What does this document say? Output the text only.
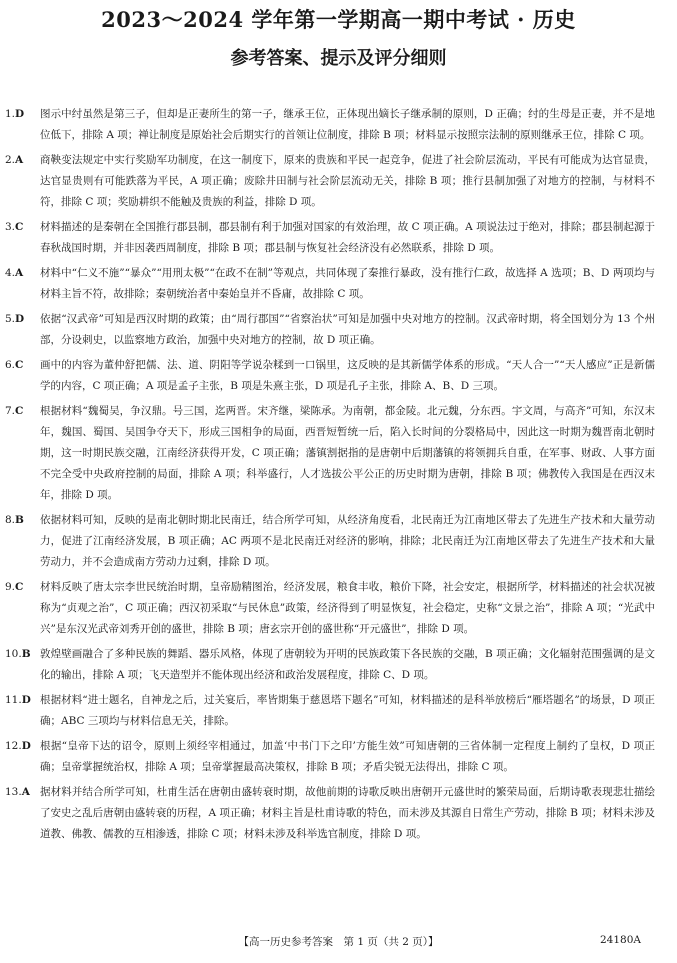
2023～2024 学年第一学期高一期中考试 · 历史
参考答案、提示及评分细则
1.D 图示中纣虽然是第三子，但却是正妻所生的第一子，继承王位，正体现出嫡长子继承制的原则，D 正确；纣的生母是正妻，并不是地位低下，排除 A 项；禅让制度是原始社会后期实行的首领让位制度，排除 B 项；材料显示按照宗法制的原则继承王位，排除 C 项。
2.A 商鞅变法规定中实行奖励军功制度，在这一制度下，原来的贵族和平民一起竞争，促进了社会阶层流动，平民有可能成为达官显贵，达官显贵则有可能跌落为平民，A 项正确；废除井田制与社会阶层流动无关，排除 B 项；推行县制加强了对地方的控制，与材料不符，排除 C 项；奖励耕织不能触及贵族的利益，排除 D 项。
3.C 材料描述的是秦朝在全国推行郡县制，郡县制有利于加强对国家的有效治理，故 C 项正确。A 项说法过于绝对，排除；郡县制起源于春秋战国时期，并非因袭西周制度，排除 B 项；郡县制与恢复社会经济没有必然联系，排除 D 项。
4.A 材料中“仁义不施”“暴众”“用刑太极”“在政不在制”等观点，共同体现了秦推行暴政，没有推行仁政，故选择 A 选项；B、D 两项均与材料主旨不符，故排除；秦朝统治者中秦始皇并不昏庸，故排除 C 项。
5.D 依据“汉武帝”可知是西汉时期的政策；由“周行郡国”“省察治状”可知是加强中央对地方的控制。汉武帝时期，将全国划分为 13 个州部，分设刺史，以监察地方政治，加强中央对地方的控制，故 D 项正确。
6.C 画中的内容为董仲舒把儒、法、道、阴阳等学说杂糅到一口锅里，这反映的是其新儒学体系的形成。“天人合一”“天人感应”正是新儒学的内容，C 项正确；A 项是孟子主张，B 项是朱熹主张，D 项是孔子主张，排除 A、B、D 三项。
7.C 根据材料“魏蜀吴，争汉鼎。号三国，迄两晋。宋齐继，梁陈承。为南朝，都金陵。北元魏，分东西。宇文周，与高齐”可知，东汉末年，魏国、蜀国、吴国争夺天下，形成三国相争的局面，西晋短暂统一后，陷入长时间的分裂格局中，因此这一时期为魏晋南北朝时期，这一时期民族交融，江南经济获得开发，C 项正确；藩镇割据指的是唐朝中后期藩镇的将领拥兵自重，在军事、财政、人事方面不完全受中央政府控制的局面，排除 A 项；科举盛行，人才选拔公平公正的历史时期为唐朝，排除 B 项；佛教传入我国是在西汉末年，排除 D 项。
8.B 依据材料可知，反映的是南北朝时期北民南迁，结合所学可知，从经济角度看，北民南迁为江南地区带去了先进生产技术和大量劳动力，促进了江南经济发展，B 项正确；AC 两项不是北民南迁对经济的影响，排除；北民南迁为江南地区带去了先进生产技术和大量劳动力，并不会造成南方劳动力过剩，排除 D 项。
9.C 材料反映了唐太宗李世民统治时期，皇帝励精图治，经济发展，粮食丰收，粮价下降，社会安定，根据所学，材料描述的社会状况被称为“贞观之治”，C 项正确；西汉初采取“与民休息”政策，经济得到了明显恢复，社会稳定，史称“文景之治”，排除 A 项；“光武中兴”是东汉光武帝刘秀开创的盛世，排除 B 项；唐玄宗开创的盛世称“开元盛世”，排除 D 项。
10.B 敦煌壁画融合了多种民族的舞蹈、器乐风格，体现了唐朝较为开明的民族政策下各民族的交融，B 项正确；文化辐射范围强调的是文化的输出，排除 A 项；飞天造型并不能体现出经济和政治发展程度，排除 C、D 项。
11.D 根据材料“进士题名，自神龙之后，过关宴后，率皆期集于慈恩塔下题名”可知，材料描述的是科举放榜后“雁塔题名”的场景，D 项正确；ABC 三项均与材料信息无关，排除。
12.D 根据“皇帝下达的诏令，原则上须经宰相通过，加盖‘中书门下之印’方能生效”可知唐朝的三省体制一定程度上制约了皇权，D 项正确；皇帝掌握统治权，排除 A 项；皇帝掌握最高决策权，排除 B 项；矛盾尖锐无法得出，排除 C 项。
13.A 据材料并结合所学可知，杜甫生活在唐朝由盛转衰时期，故他前期的诗歌反映出唐朝开元盛世时的繁荣局面，后期诗歌表现悲壮描绘了安史之乱后唐朝由盛转衰的历程，A 项正确；材料主旨是杜甫诗歌的特色，而未涉及其源自日常生产劳动，排除 B 项；材料未涉及道教、佛教、儒教的互相渗透，排除 C 项；材料未涉及科举选官制度，排除 D 项。
【高一历史参考答案　第 1 页（共 2 页）】	24180A
